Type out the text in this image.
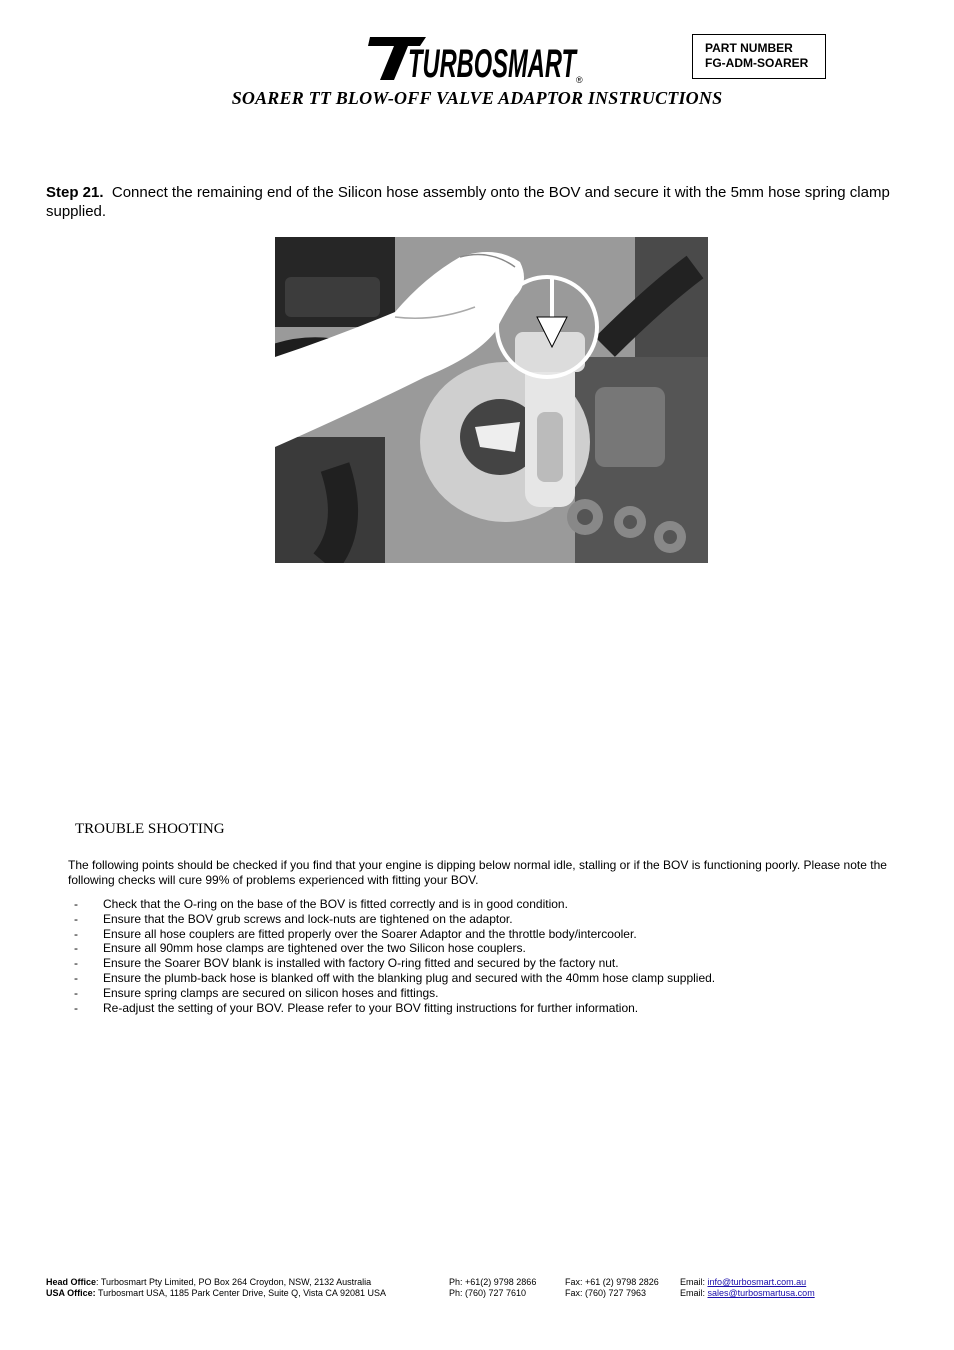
TURBOSMART
®
PART NUMBER
FG-ADM-SOARER
SOARER TT BLOW-OFF VALVE ADAPTOR INSTRUCTIONS
Step 21. Connect the remaining end of the Silicon hose assembly onto the BOV and secure it with the 5mm hose spring clamp supplied.
TROUBLE SHOOTING
The following points should be checked if you find that your engine is dipping below normal idle, stalling or if the BOV is functioning poorly. Please note the following checks will cure 99% of problems experienced with fitting your BOV.
- Check that the O-ring on the base of the BOV is fitted correctly and is in good condition.
- Ensure that the BOV grub screws and lock-nuts are tightened on the adaptor.
- Ensure all hose couplers are fitted properly over the Soarer Adaptor and the throttle body/intercooler.
- Ensure all 90mm hose clamps are tightened over the two Silicon hose couplers.
- Ensure the Soarer BOV blank is installed with factory O-ring fitted and secured by the factory nut.
- Ensure the plumb-back hose is blanked off with the blanking plug and secured with the 40mm hose clamp supplied.
- Ensure spring clamps are secured on silicon hoses and fittings.
- Re-adjust the setting of your BOV. Please refer to your BOV fitting instructions for further information.
Head Office: Turbosmart Pty Limited, PO Box 264 Croydon, NSW, 2132 Australia	Ph: +61(2) 9798 2866	Fax: +61 (2) 9798 2826	Email: info@turbosmart.com.au
USA Office: Turbosmart USA, 1185 Park Center Drive, Suite Q, Vista CA 92081 USA	Ph: (760) 727 7610	Fax: (760) 727 7963	Email: sales@turbosmartusa.com
